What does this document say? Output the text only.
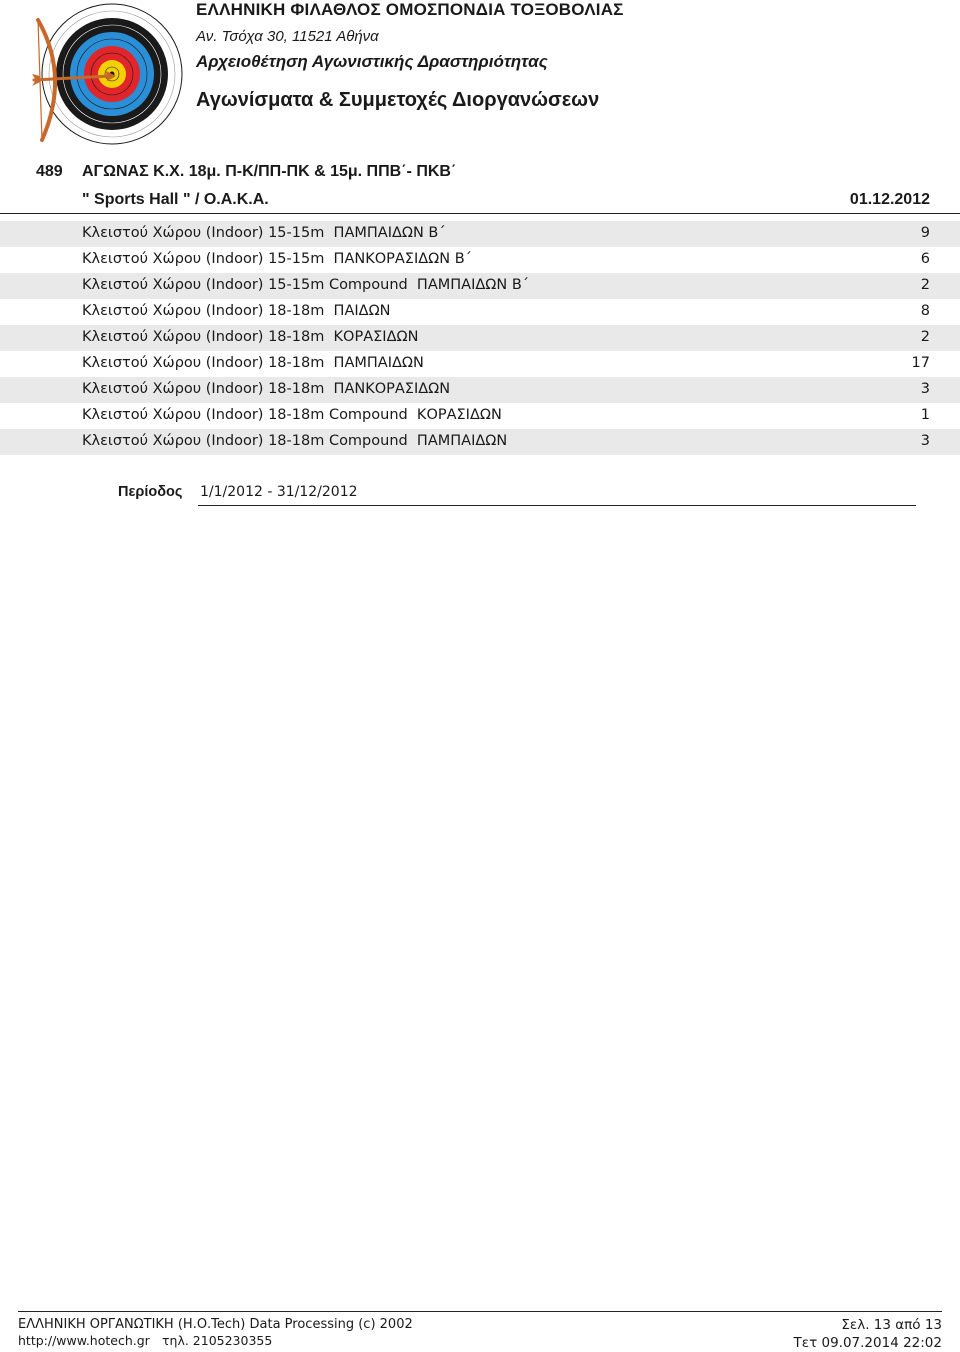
ΕΛΛΗΝΙΚΗ ΦΙΛΑΘΛΟΣ ΟΜΟΣΠΟΝΔΙΑ ΤΟΞΟΒΟΛΙΑΣ
Αν. Τσόχα 30, 11521 Αθήνα
Αρχειοθέτηση Αγωνιστικής Δραστηριότητας
Αγωνίσματα & Συμμετοχές Διοργανώσεων
489 ΑΓΩΝΑΣ Κ.Χ. 18μ. Π-Κ/ΠΠ-ΠΚ & 15μ. ΠΠΒ΄- ΠΚΒ΄
" Sports Hall " / Ο.Α.Κ.Α.	01.12.2012
Κλειστού Χώρου (Indoor) 15-15m  ΠΑΜΠΑΙΔΩΝ Β΄	9
Κλειστού Χώρου (Indoor) 15-15m  ΠΑΝΚΟΡΑΣΙΔΩΝ Β΄	6
Κλειστού Χώρου (Indoor) 15-15m Compound  ΠΑΜΠΑΙΔΩΝ Β΄	2
Κλειστού Χώρου (Indoor) 18-18m  ΠΑΙΔΩΝ	8
Κλειστού Χώρου (Indoor) 18-18m  ΚΟΡΑΣΙΔΩΝ	2
Κλειστού Χώρου (Indoor) 18-18m  ΠΑΜΠΑΙΔΩΝ	17
Κλειστού Χώρου (Indoor) 18-18m  ΠΑΝΚΟΡΑΣΙΔΩΝ	3
Κλειστού Χώρου (Indoor) 18-18m Compound  ΚΟΡΑΣΙΔΩΝ	1
Κλειστού Χώρου (Indoor) 18-18m Compound  ΠΑΜΠΑΙΔΩΝ	3
Περίοδος 1/1/2012 - 31/12/2012
ΕΛΛΗΝΙΚΗ ΟΡΓΑΝΩΤΙΚΗ (Η.Ο.Tech) Data Processing (c) 2002
http://www.hotech.gr τηλ. 2105230355
Σελ. 13 από 13
Τετ 09.07.2014 22:02
